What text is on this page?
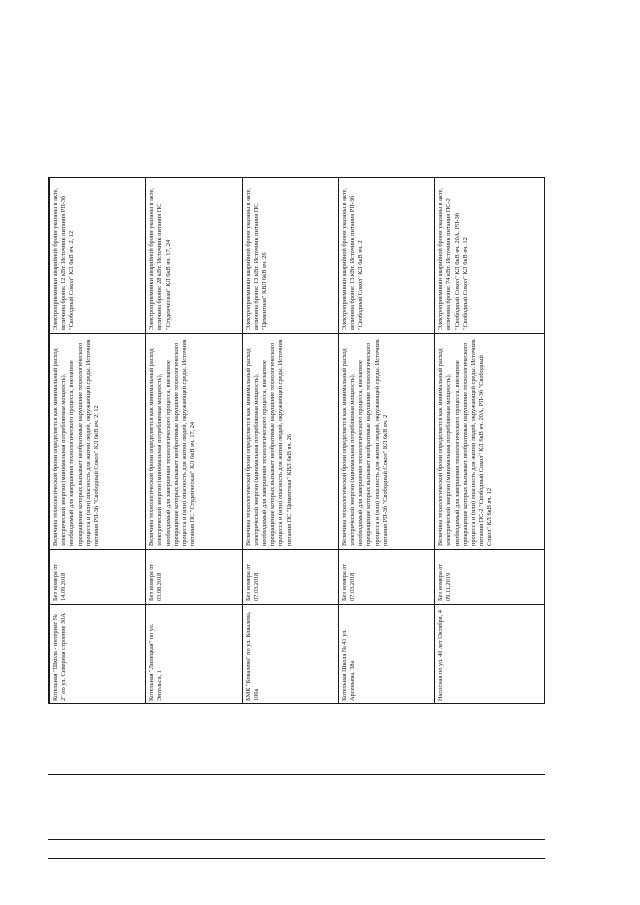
Котельная "Школа - интернат № 2" по ул. Северная строение 30А	Без номера от 14.09.2018	Величина технологической брони определяется как минимальный расход электрической энергии (минимальная потребляемая мощность), необходимый для завершения технологического процесса, внезапное прекращение которых вызывает необратимые нарушение технологического процесса и (или) опасность для жизни людей, окружающей среды. Источник питания РП-3б "Свободный Сокол" КЛ 6кВ яч. 2, 12	Электроприемники аварийной брони указаны в акте, величина брони: 12 кВт. Источник питания РП-3б "Свободный Сокол" КЛ 6кВ яч. 2, 12
Котельная "Липецкая" по ул. Энгельса, 1	Без номера от 03.08.2018	Величина технологической брони определяется как минимальный расход электрической энергии (минимальная потребляемая мощность), необходимый для завершения технологического процесса, внезапное прекращение которых вызывает необратимые нарушение технологического процесса и (или) опасность для жизни людей, окружающей среды. Источник питания ПС "Студенческая" КЛ 6кВ яч. 17, 24	Электроприемники аварийной брони указаны в акте, величина брони: 28 кВт. Источник питания ПС "Студенческая" КЛ 6кВ яч. 17, 24
БМК "Ковалева" по ул. Ковалева, 106а	Без номера от 07.03.2018	Величина технологической брони определяется как минимальный расход электрической энергии (минимальная потребляемая мощность), необходимый для завершения технологического процесса, внезапное прекращение которых вызывает необратимые нарушение технологического процесса и (или) опасность для жизни людей, окружающей среды. Источник питания ПС "Циментная" КВЛ 6кВ яч. 26	Электроприемники аварийной брони указаны в акте, величина брони: 13 кВт. Источник питания ПС "Цементная" КВЛ 6кВ яч. 26
Котельная Школа № 41 ул. Арсеньева, 38а	Без номера от 07.03.2018	Величина технологической брони определяется как минимальный расход электрической энергии (минимальная потребляемая мощность), необходимый для завершения технологического процесса, внезапное прекращение которых вызывает необратимые нарушение технологического процесса и (или) опасность для жизни людей, окружающей среды. Источник питания РП-3б "Свободный Сокол" КЛ 6кВ яч. 2	Электроприемники аварийной брони указаны в акте, величина брони: 13 кВт. Источник питания РП-3б "Свободный Сокол" КЛ 6кВ яч. 2
Насосная по ул. 40 лет Октября, 4	Без номера от 09.11.2019	Величина технологической брони определяется как минимальный расход электрической энергии (минимальная потребляемая мощность), необходимый для завершения технологического процесса, внезапное прекращение которых вызывает необратимые нарушение технологического процесса и (или) опасность для жизни людей, окружающей среды. Источник питания ПС-2 "Свободный Сокол" КЛ 6кВ яч. 20А, РП-3б "Свободный Сокол" КЛ 6кВ яч. 12	Электроприемники аварийной брони указаны в акте, величина брони: 74 кВт. Источник питания ПС-2 "Свободный Сокол" КЛ 6кВ яч. 20А, РП-3б "Свободный Сокол" КЛ 6кВ яч. 12
